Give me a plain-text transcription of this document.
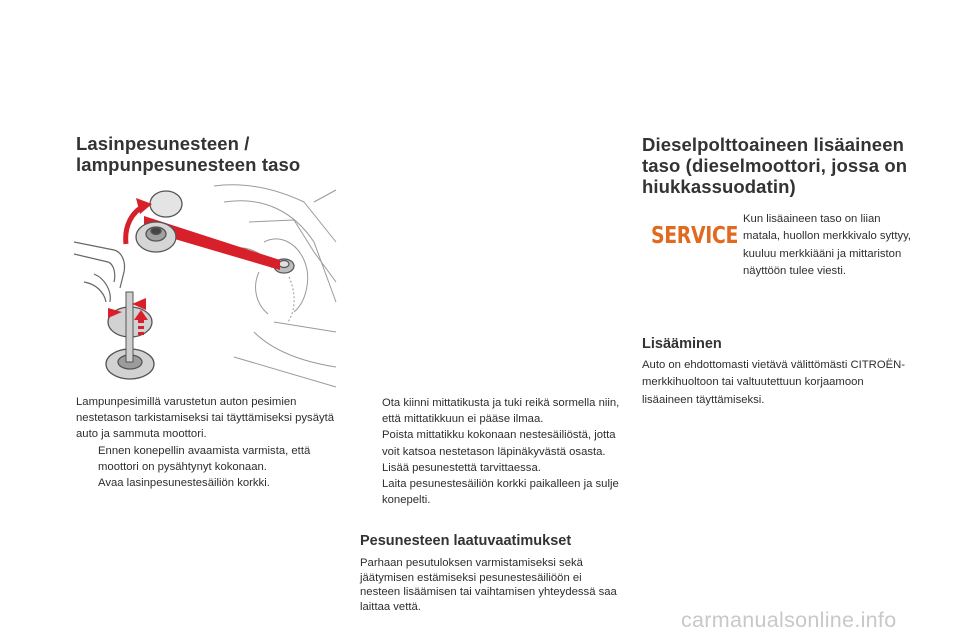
Lasinpesunesteen /
lampunpesunesteen taso
Lampunpesimillä varustetun auton pesimien nestetason tarkistamiseksi tai täyttämiseksi pysäytä auto ja sammuta moottori.
Ennen konepellin avaamista varmista, että moottori on pysähtynyt kokonaan.
Avaa lasinpesunestesäiliön korkki.
Ota kiinni mittatikusta ja tuki reikä sormella niin, että mittatikkuun ei pääse ilmaa.
Poista mittatikku kokonaan nestesäiliöstä, jotta voit katsoa nestetason läpinäkyvästä osasta.
Lisää pesunestettä tarvittaessa.
Laita pesunestesäiliön korkki paikalleen ja sulje konepelti.
Pesunesteen laatuvaatimukset
Parhaan pesutuloksen varmistamiseksi sekä jäätymisen estämiseksi pesunestesäiliöön ei nesteen lisäämisen tai vaihtamisen yhteydessä saa laittaa vettä.
Dieselpolttoaineen lisäaineen
taso (dieselmoottori, jossa on
hiukkassuodatin)
SERVICE
Kun lisäaineen taso on liian matala, huollon merkkivalo syttyy, kuuluu merkkiääni ja mittariston näyttöön tulee viesti.
Lisääminen
Auto on ehdottomasti vietävä välittömästi CITROËN-merkkihuoltoon tai valtuutettuun korjaamoon lisäaineen täyttämiseksi.
carmanualsonline.info
